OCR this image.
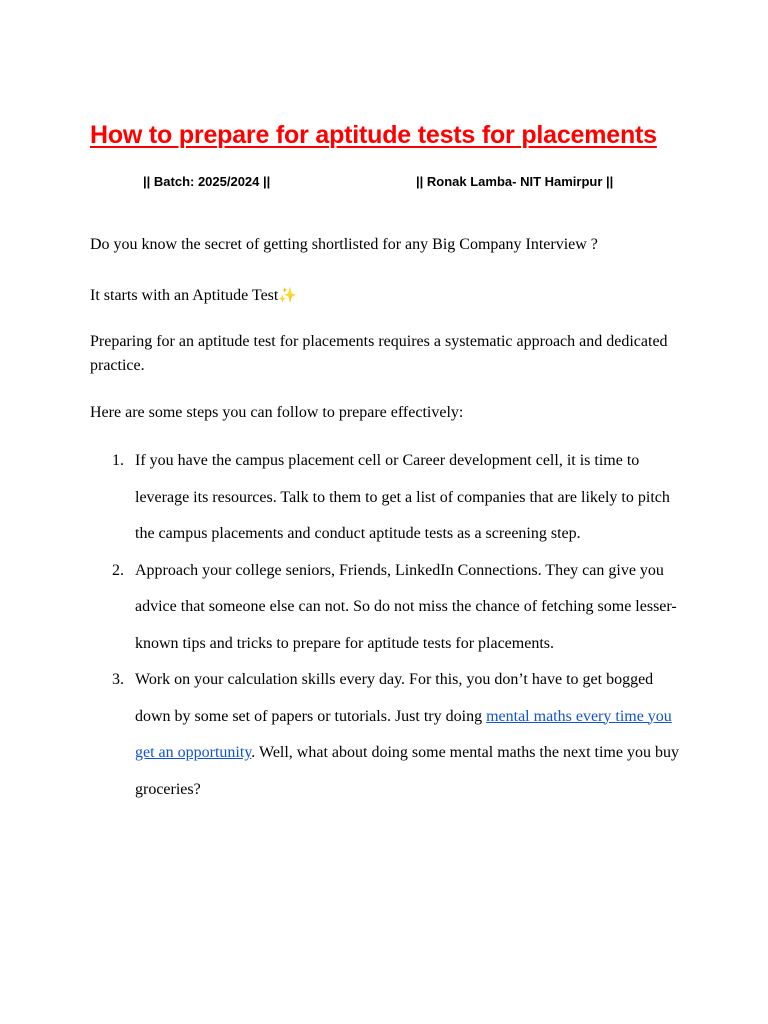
How to prepare for aptitude tests for placements
|| Batch: 2025/2024 ||	|| Ronak Lamba- NIT Hamirpur ||

Do you know the secret of getting shortlisted for any Big Company Interview ?

It starts with an Aptitude Test✨

Preparing for an aptitude test for placements requires a systematic approach and dedicated practice.

Here are some steps you can follow to prepare effectively:

1. If you have the campus placement cell or Career development cell, it is time to leverage its resources. Talk to them to get a list of companies that are likely to pitch the campus placements and conduct aptitude tests as a screening step.
2. Approach your college seniors, Friends, LinkedIn Connections. They can give you advice that someone else can not. So do not miss the chance of fetching some lesser-known tips and tricks to prepare for aptitude tests for placements.
3. Work on your calculation skills every day. For this, you don’t have to get bogged down by some set of papers or tutorials. Just try doing mental maths every time you get an opportunity. Well, what about doing some mental maths the next time you buy groceries?
